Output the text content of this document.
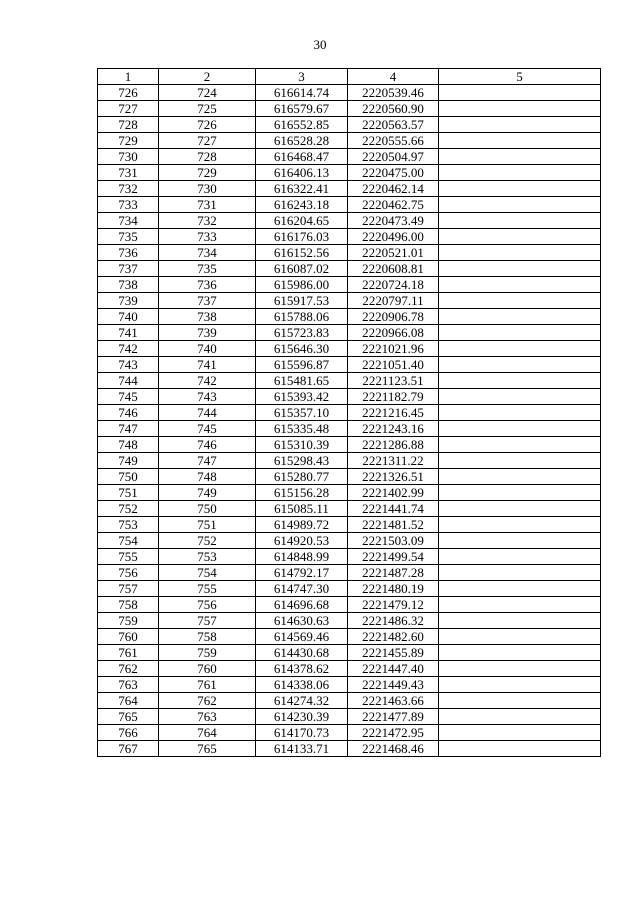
30
1	2	3	4	5
726	724	616614.74	2220539.46	
727	725	616579.67	2220560.90	
728	726	616552.85	2220563.57	
729	727	616528.28	2220555.66	
730	728	616468.47	2220504.97	
731	729	616406.13	2220475.00	
732	730	616322.41	2220462.14	
733	731	616243.18	2220462.75	
734	732	616204.65	2220473.49	
735	733	616176.03	2220496.00	
736	734	616152.56	2220521.01	
737	735	616087.02	2220608.81	
738	736	615986.00	2220724.18	
739	737	615917.53	2220797.11	
740	738	615788.06	2220906.78	
741	739	615723.83	2220966.08	
742	740	615646.30	2221021.96	
743	741	615596.87	2221051.40	
744	742	615481.65	2221123.51	
745	743	615393.42	2221182.79	
746	744	615357.10	2221216.45	
747	745	615335.48	2221243.16	
748	746	615310.39	2221286.88	
749	747	615298.43	2221311.22	
750	748	615280.77	2221326.51	
751	749	615156.28	2221402.99	
752	750	615085.11	2221441.74	
753	751	614989.72	2221481.52	
754	752	614920.53	2221503.09	
755	753	614848.99	2221499.54	
756	754	614792.17	2221487.28	
757	755	614747.30	2221480.19	
758	756	614696.68	2221479.12	
759	757	614630.63	2221486.32	
760	758	614569.46	2221482.60	
761	759	614430.68	2221455.89	
762	760	614378.62	2221447.40	
763	761	614338.06	2221449.43	
764	762	614274.32	2221463.66	
765	763	614230.39	2221477.89	
766	764	614170.73	2221472.95	
767	765	614133.71	2221468.46	
